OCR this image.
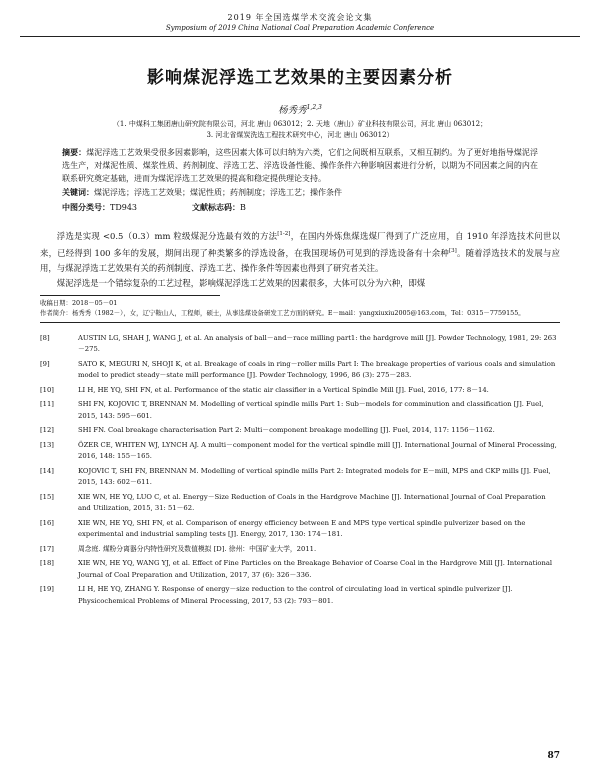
2019 年全国选煤学术交流会论文集
Symposium of 2019 China National Coal Preparation Academic Conference
影响煤泥浮选工艺效果的主要因素分析
杨秀秀$^{1,2,3}$
（1. 中煤科工集团唐山研究院有限公司，河北 唐山 063012；2. 天地（唐山）矿业科技有限公司，河北 唐山 063012；
3. 河北省煤炭洗选工程技术研究中心，河北 唐山 063012）
摘要：煤泥浮选工艺效果受很多因素影响，这些因素大体可以归纳为六类，它们之间既相互联系，又相互制约。为了更好地指导煤泥浮选生产，对煤泥性质、煤浆性质、药剂制度、浮选工艺、浮选设备性能、操作条件六种影响因素进行分析，以期为不同因素之间的内在联系研究奠定基础，进而为煤泥浮选工艺效果的提高和稳定提供理论支持。
关键词：煤泥浮选；浮选工艺效果；煤泥性质；药剂制度；浮选工艺；操作条件
中图分类号：TD943	文献标志码：B

浮选是实现 <0.5（0.3）mm 粒级煤泥分选最有效的方法[1-2]，在国内外炼焦煤选煤厂得到了广泛应用，自 1910 年浮选技术问世以来，已经得到 100 多年的发展，期间出现了种类繁多的浮选设备，在我国现场仍可见到的浮选设备有十余种[3]。随着浮选技术的发展与应用，与煤泥浮选工艺效果有关的药剂制度、浮选工艺、操作条件等因素也得到了研究者关注。

煤泥浮选是一个错综复杂的工艺过程，影响煤泥浮选工艺效果的因素很多，大体可以分为六种，即煤

收稿日期：2018－05－01
作者简介：杨秀秀（1982－），女，辽宁鞍山人，工程师，硕士，从事选煤设备研发工艺方面的研究。E－mail：yangxiuxiu2005@163.com，Tel：0315－7759155。
[8]	AUSTIN LG, SHAH J, WANG J, et al. An analysis of ball－and－race milling part1: the hardgrove mill [J]. Powder Technology, 1981, 29: 263－275.
[9]	SATO K, MEGURI N, SHOJI K, et al. Breakage of coals in ring－roller mills Part I: The breakage properties of various coals and simulation model to predict steady－state mill performance [J]. Powder Technology, 1996, 86 (3): 275－283.
[10]	LI H, HE YQ, SHI FN, et al. Performance of the static air classifier in a Vertical Spindle Mill [J]. Fuel, 2016, 177: 8－14.
[11]	SHI FN, KOJOVIC T, BRENNAN M. Modelling of vertical spindle mills Part 1: Sub－models for comminution and classification [J]. Fuel, 2015, 143: 595－601.
[12]	SHI FN. Coal breakage characterisation Part 2: Multi－component breakage modelling [J]. Fuel, 2014, 117: 1156－1162.
[13]	ÖZER CE, WHITEN WJ, LYNCH AJ. A multi－component model for the vertical spindle mill [J]. International Journal of Mineral Processing, 2016, 148: 155－165.
[14]	KOJOVIC T, SHI FN, BRENNAN M. Modelling of vertical spindle mills Part 2: Integrated models for E－mill, MPS and CKP mills [J]. Fuel, 2015, 143: 602－611.
[15]	XIE WN, HE YQ, LUO C, et al. Energy－Size Reduction of Coals in the Hardgrove Machine [J]. International Journal of Coal Preparation and Utilization, 2015, 31: 51－62.
[16]	XIE WN, HE YQ, SHI FN, et al. Comparison of energy efficiency between E and MPS type vertical spindle pulverizer based on the experimental and industrial sampling tests [J]. Energy, 2017, 130: 174－181.
[17]	周念庭. 煤粉分离器分内特性研究及数值模拟 [D]. 徐州：中国矿业大学，2011.
[18]	XIE WN, HE YQ, WANG YJ, et al. Effect of Fine Particles on the Breakage Behavior of Coarse Coal in the Hardgrove Mill [J]. International Journal of Coal Preparation and Utilization, 2017, 37 (6): 326－336.
[19]	LI H, HE YQ, ZHANG Y. Response of energy－size reduction to the control of circulating load in vertical spindle pulverizer [J]. Physicochemical Problems of Mineral Processing, 2017, 53 (2): 793－801.
87
